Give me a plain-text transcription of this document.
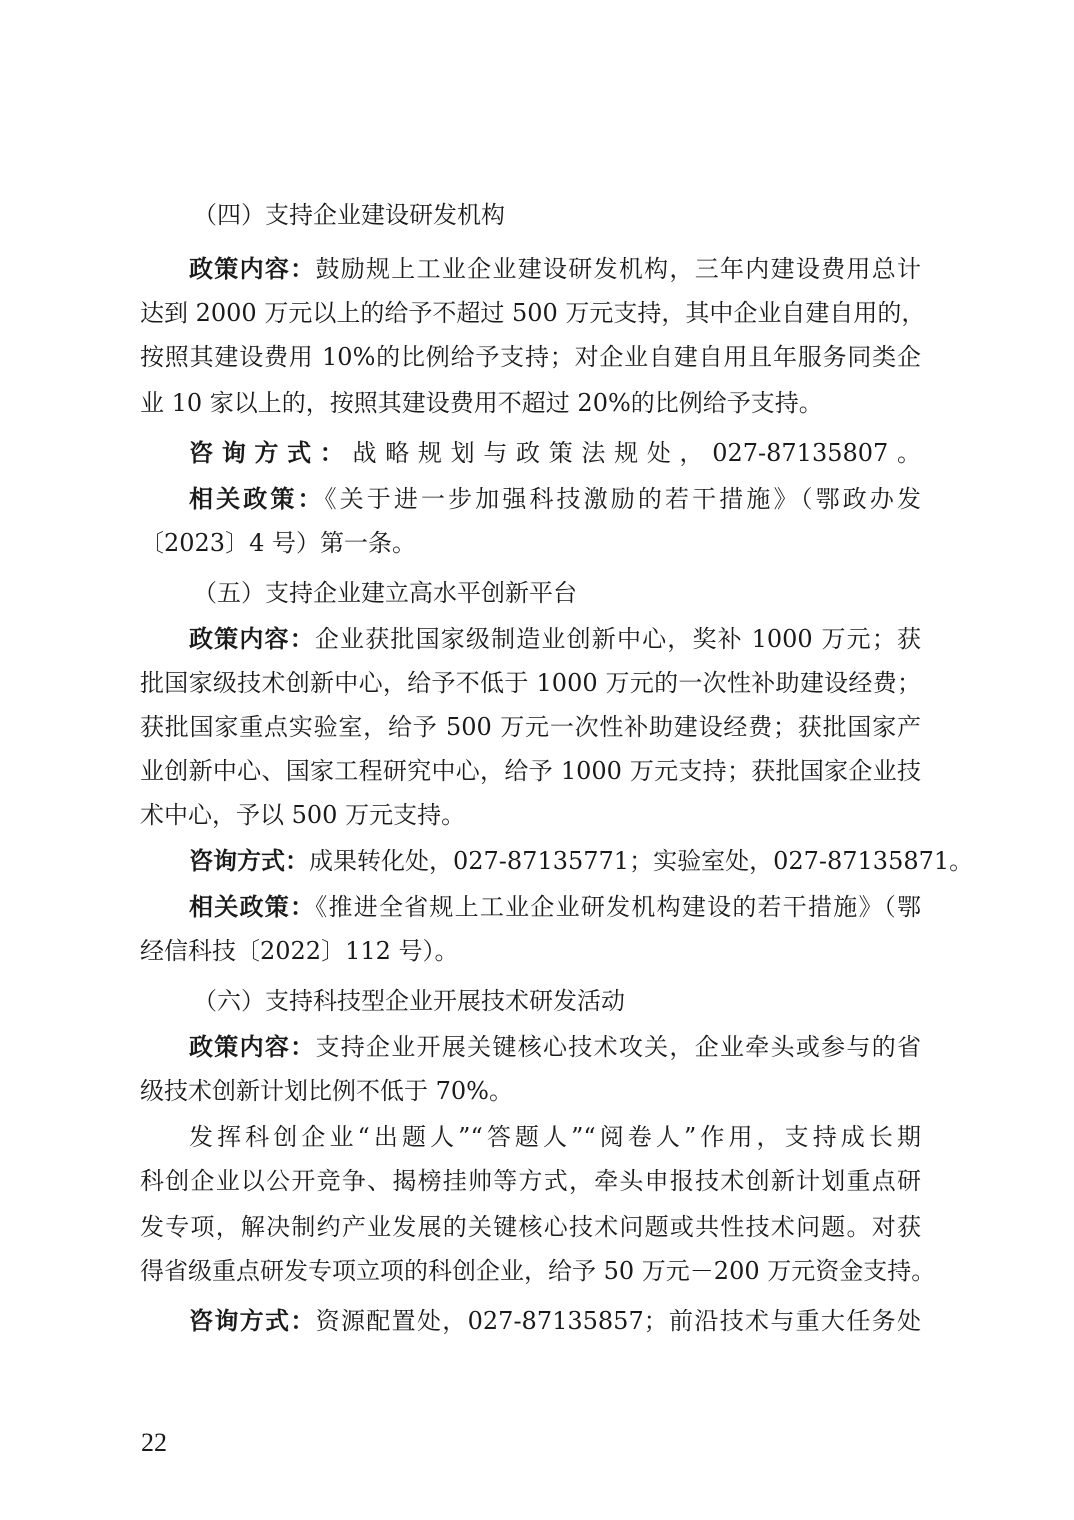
（四）支持企业建设研发机构
政策内容：鼓励规上工业企业建设研发机构，三年内建设费用总计
达到 2000 万元以上的给予不超过 500 万元支持，其中企业自建自用的，
按照其建设费用 10%的比例给予支持；对企业自建自用且年服务同类企
业 10 家以上的，按照其建设费用不超过 20%的比例给予支持。
咨询方式：战略规划与政策法规处，027-87135807。
相关政策：《关于进一步加强科技激励的若干措施》（鄂政办发
〔2023〕4 号）第一条。
（五）支持企业建立高水平创新平台
政策内容：企业获批国家级制造业创新中心，奖补 1000 万元；获
批国家级技术创新中心，给予不低于 1000 万元的一次性补助建设经费；
获批国家重点实验室，给予 500 万元一次性补助建设经费；获批国家产
业创新中心、国家工程研究中心，给予 1000 万元支持；获批国家企业技
术中心，予以 500 万元支持。
咨询方式：成果转化处，027-87135771；实验室处，027-87135871。
相关政策：《推进全省规上工业企业研发机构建设的若干措施》（鄂
经信科技〔2022〕112 号）。
（六）支持科技型企业开展技术研发活动
政策内容：支持企业开展关键核心技术攻关，企业牵头或参与的省
级技术创新计划比例不低于 70%。
发挥科创企业“出题人”“答题人”“阅卷人”作用，支持成长期
科创企业以公开竞争、揭榜挂帅等方式，牵头申报技术创新计划重点研
发专项，解决制约产业发展的关键核心技术问题或共性技术问题。对获
得省级重点研发专项立项的科创企业，给予 50 万元－200 万元资金支持。
咨询方式：资源配置处，027-87135857；前沿技术与重大任务处
22
